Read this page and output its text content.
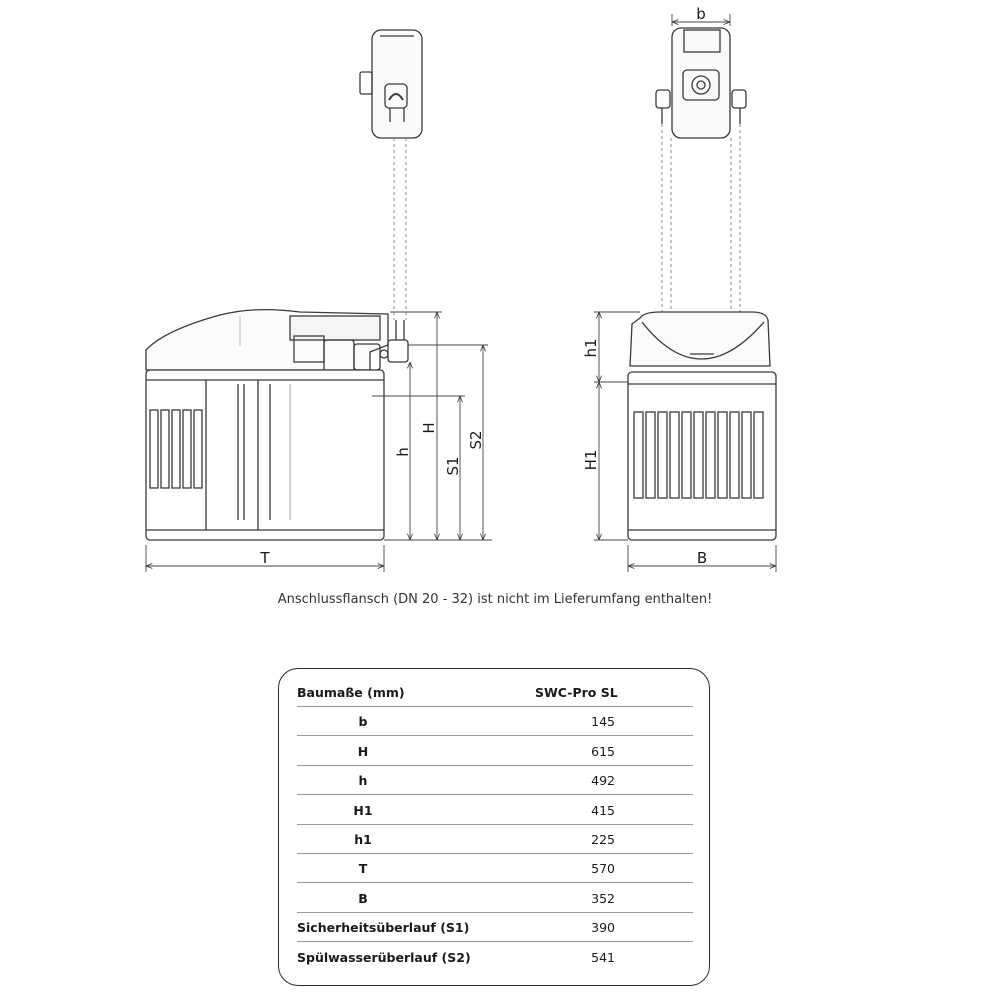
h
H
S1
S2
T
b
h1
H1
B
Anschlussflansch (DN 20 - 32) ist nicht im Lieferumfang enthalten!
Baumaße (mm)	SWC-Pro SL
b	145
H	615
h	492
H1	415
h1	225
T	570
B	352
Sicherheitsüberlauf (S1)	390
Spülwasserüberlauf (S2)	541
